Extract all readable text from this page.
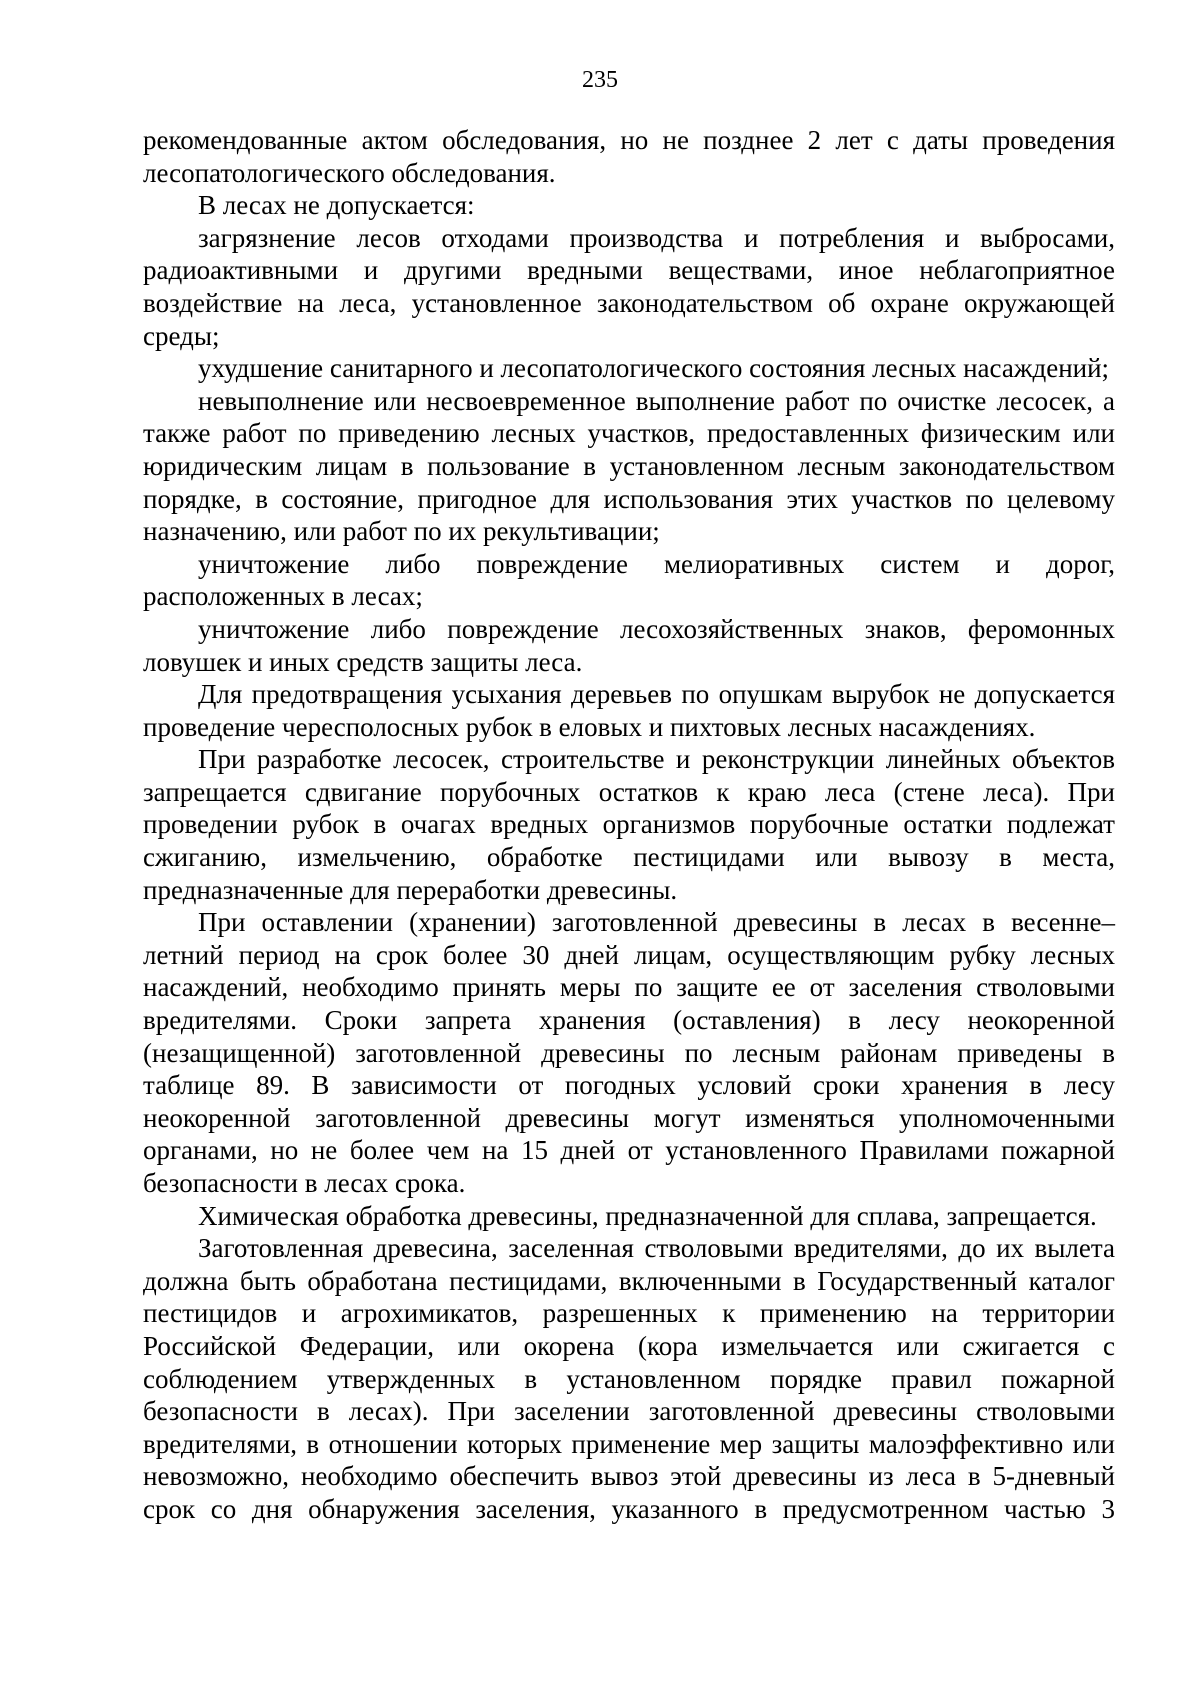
235

рекомендованные актом обследования, но не позднее 2 лет с даты проведения лесопатологического обследования.

В лесах не допускается:

загрязнение лесов отходами производства и потребления и выбросами, радиоактивными и другими вредными веществами, иное неблагоприятное воздействие на леса, установленное законодательством об охране окружающей среды;

ухудшение санитарного и лесопатологического состояния лесных насаждений;

невыполнение или несвоевременное выполнение работ по очистке лесосек, а также работ по приведению лесных участков, предоставленных физическим или юридическим лицам в пользование в установленном лесным законодательством порядке, в состояние, пригодное для использования этих участков по целевому назначению, или работ по их рекультивации;

уничтожение либо повреждение мелиоративных систем и дорог, расположенных в лесах;

уничтожение либо повреждение лесохозяйственных знаков, феромонных ловушек и иных средств защиты леса.

Для предотвращения усыхания деревьев по опушкам вырубок не допускается проведение чересполосных рубок в еловых и пихтовых лесных насаждениях.

При разработке лесосек, строительстве и реконструкции линейных объектов запрещается сдвигание порубочных остатков к краю леса (стене леса). При проведении рубок в очагах вредных организмов порубочные остатки подлежат сжиганию, измельчению, обработке пестицидами или вывозу в места, предназначенные для переработки древесины.

При оставлении (хранении) заготовленной древесины в лесах в весенне–летний период на срок более 30 дней лицам, осуществляющим рубку лесных насаждений, необходимо принять меры по защите ее от заселения стволовыми вредителями. Сроки запрета хранения (оставления) в лесу неокоренной (незащищенной) заготовленной древесины по лесным районам приведены в таблице 89. В зависимости от погодных условий сроки хранения в лесу неокоренной заготовленной древесины могут изменяться уполномоченными органами, но не более чем на 15 дней от установленного Правилами пожарной безопасности в лесах срока.

Химическая обработка древесины, предназначенной для сплава, запрещается.

Заготовленная древесина, заселенная стволовыми вредителями, до их вылета должна быть обработана пестицидами, включенными в Государственный каталог пестицидов и агрохимикатов, разрешенных к применению на территории Российской Федерации, или окорена (кора измельчается или сжигается с соблюдением утвержденных в установленном порядке правил пожарной безопасности в лесах). При заселении заготовленной древесины стволовыми вредителями, в отношении которых применение мер защиты малоэффективно или невозможно, необходимо обеспечить вывоз этой древесины из леса в 5-дневный срок со дня обнаружения заселения, указанного в предусмотренном частью 3
